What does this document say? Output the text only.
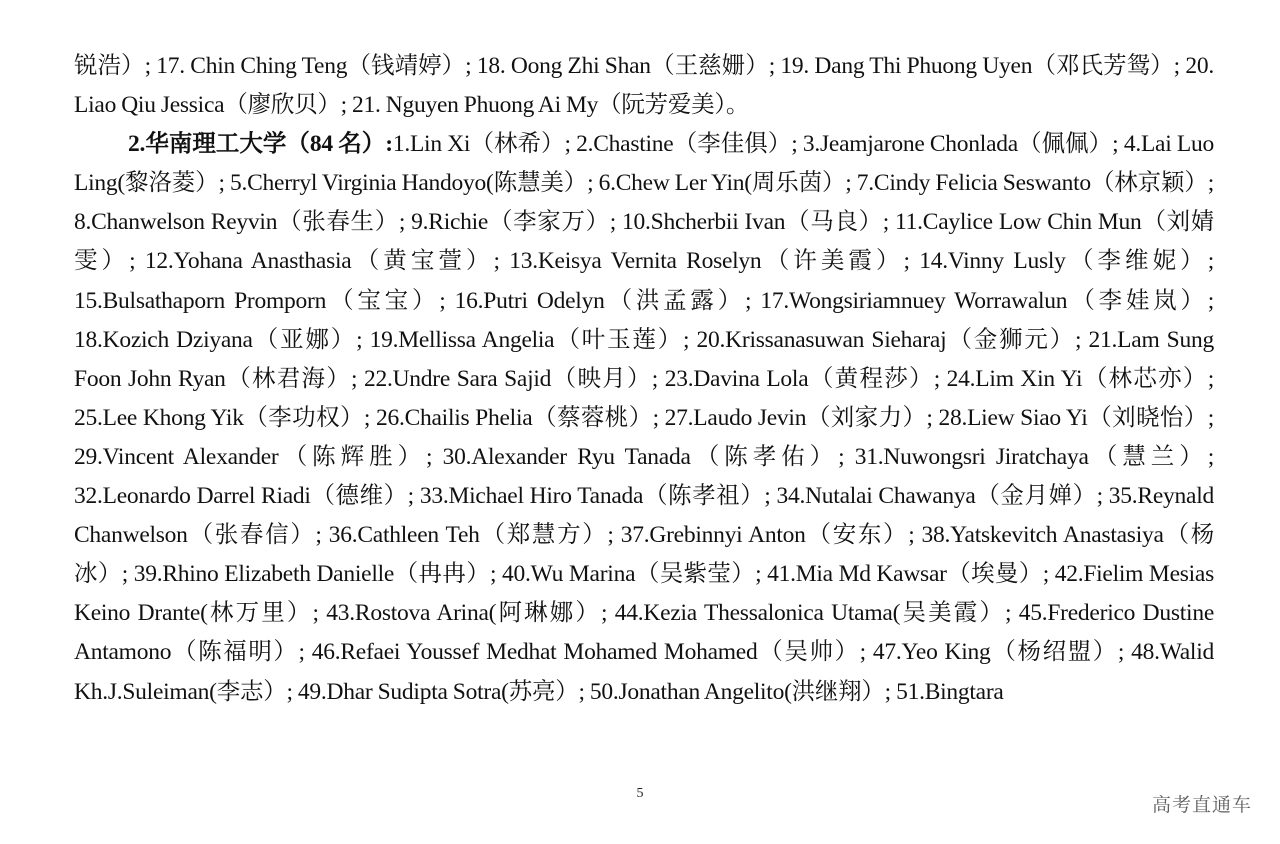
锐浩）; 17. Chin Ching Teng（钱靖婷）; 18. Oong Zhi Shan（王慈姗）; 19. Dang Thi Phuong Uyen（邓氏芳鸳）; 20. Liao Qiu Jessica（廖欣贝）; 21. Nguyen Phuong Ai My（阮芳爱美）。

2.华南理工大学（84 名）:1.Lin Xi（林希）; 2.Chastine（李佳俱）; 3.Jeamjarone Chonlada（佩佩）; 4.Lai Luo Ling(黎洛菱）; 5.Cherryl Virginia Handoyo(陈慧美）; 6.Chew Ler Yin(周乐茵）; 7.Cindy Felicia Seswanto（林京颖）; 8.Chanwelson Reyvin（张春生）; 9.Richie（李家万）; 10.Shcherbii Ivan（马良）; 11.Caylice Low Chin Mun（刘婧雯）; 12.Yohana Anasthasia（黄宝萱）; 13.Keisya Vernita Roselyn（许美霞）; 14.Vinny Lusly（李维妮）; 15.Bulsathaporn Promporn（宝宝）; 16.Putri Odelyn（洪孟露）; 17.Wongsiriamnuey Worrawalun（李娃岚）; 18.Kozich Dziyana（亚娜）; 19.Mellissa Angelia（叶玉莲）; 20.Krissanasuwan Sieharaj（金狮元）; 21.Lam Sung Foon John Ryan（林君海）; 22.Undre Sara Sajid（映月）; 23.Davina Lola（黄程莎）; 24.Lim Xin Yi（林芯亦）; 25.Lee Khong Yik（李功权）; 26.Chailis Phelia（蔡蓉桃）; 27.Laudo Jevin（刘家力）; 28.Liew Siao Yi（刘晓怡）; 29.Vincent Alexander（陈辉胜）; 30.Alexander Ryu Tanada（陈孝佑）; 31.Nuwongsri Jiratchaya（慧兰）; 32.Leonardo Darrel Riadi（德维）; 33.Michael Hiro Tanada（陈孝祖）; 34.Nutalai Chawanya（金月婵）; 35.Reynald Chanwelson（张春信）; 36.Cathleen Teh（郑慧方）; 37.Grebinnyi Anton（安东）; 38.Yatskevitch Anastasiya（杨冰）; 39.Rhino Elizabeth Danielle（冉冉）; 40.Wu Marina（吴紫莹）; 41.Mia Md Kawsar（埃曼）; 42.Fielim Mesias Keino Drante(林万里）; 43.Rostova Arina(阿琳娜）; 44.Kezia Thessalonica Utama(吴美霞）; 45.Frederico Dustine Antamono（陈福明）; 46.Refaei Youssef Medhat Mohamed Mohamed（吴帅）; 47.Yeo King（杨绍盟）; 48.Walid Kh.J.Suleiman(李志）; 49.Dhar Sudipta Sotra(苏亮）; 50.Jonathan Angelito(洪继翔）; 51.Bingtara

5
高考直通车
